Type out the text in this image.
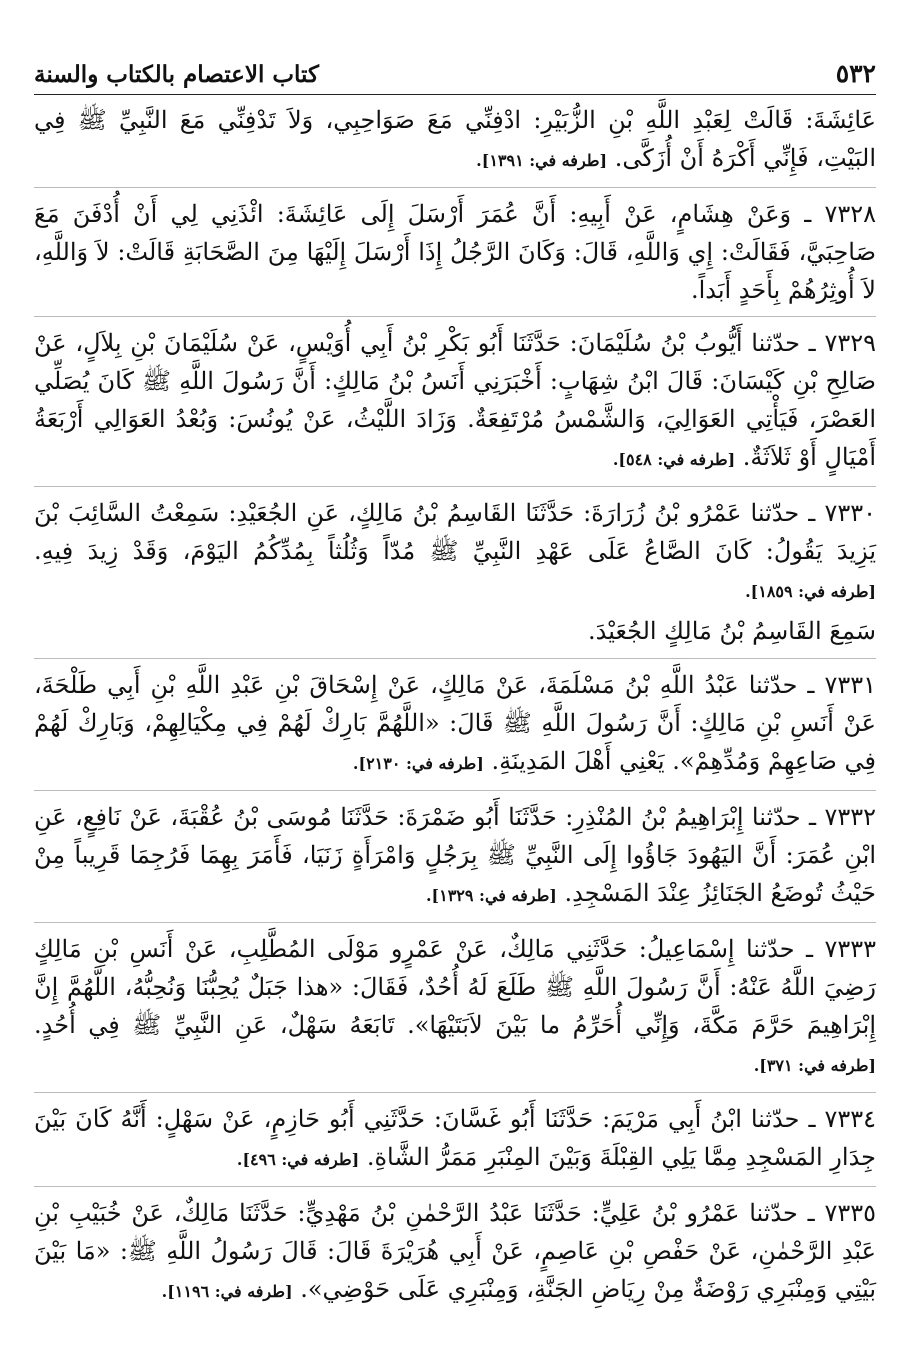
٥٣٢
كتاب الاعتصام بالكتاب والسنة

عَائِشَةَ: قَالَتْ لِعَبْدِ اللَّهِ بْنِ الزُّبَيْرِ: ادْفِنِّي مَعَ صَوَاحِبِي، وَلاَ تَدْفِنِّي مَعَ النَّبِيِّ ﷺ فِي البَيْتِ، فَإِنِّي أَكْرَهُ أَنْ أُزَكَّى. [طرفه في: ١٣٩١].

٧٣٢٨ ـ وَعَنْ هِشَامٍ، عَنْ أَبِيهِ: أَنَّ عُمَرَ أَرْسَلَ إِلَى عَائِشَةَ: ائْذَنِي لِي أَنْ أُدْفَنَ مَعَ صَاحِبَيَّ، فَقَالَتْ: إِي وَاللَّهِ، قَالَ: وَكَانَ الرَّجُلُ إِذَا أَرْسَلَ إِلَيْهَا مِنَ الصَّحَابَةِ قَالَتْ: لاَ وَاللَّهِ، لاَ أُوثِرُهُمْ بِأَحَدٍ أَبَداً.

٧٣٢٩ ـ حدّثنا أَيُّوبُ بْنُ سُلَيْمَانَ: حَدَّثَنَا أَبُو بَكْرِ بْنُ أَبِي أُوَيْسٍ، عَنْ سُلَيْمَانَ بْنِ بِلاَلٍ، عَنْ صَالِحِ بْنِ كَيْسَانَ: قَالَ ابْنُ شِهَابٍ: أَخْبَرَنِي أَنَسُ بْنُ مَالِكٍ: أَنَّ رَسُولَ اللَّهِ ﷺ كَانَ يُصَلِّي العَصْرَ، فَيَأْتِي العَوَالِيَ، وَالشَّمْسُ مُرْتَفِعَةٌ. وَزَادَ اللَّيْثُ، عَنْ يُونُسَ: وَبُعْدُ العَوَالِي أَرْبَعَةُ أَمْيَالٍ أَوْ ثَلاَثَةٌ. [طرفه في: ٥٤٨].

٧٣٣٠ ـ حدّثنا عَمْرُو بْنُ زُرَارَةَ: حَدَّثَنَا القَاسِمُ بْنُ مَالِكٍ، عَنِ الجُعَيْدِ: سَمِعْتُ السَّائِبَ بْنَ يَزِيدَ يَقُولُ: كَانَ الصَّاعُ عَلَى عَهْدِ النَّبِيِّ ﷺ مُدّاً وَثُلُثاً بِمُدِّكُمُ اليَوْمَ، وَقَدْ زِيدَ فِيهِ. [طرفه في: ١٨٥٩].

سَمِعَ القَاسِمُ بْنُ مَالِكٍ الجُعَيْدَ.

٧٣٣١ ـ حدّثنا عَبْدُ اللَّهِ بْنُ مَسْلَمَةَ، عَنْ مَالِكٍ، عَنْ إِسْحَاقَ بْنِ عَبْدِ اللَّهِ بْنِ أَبِي طَلْحَةَ، عَنْ أَنَسِ بْنِ مَالِكٍ: أَنَّ رَسُولَ اللَّهِ ﷺ قَالَ: «اللَّهُمَّ بَارِكْ لَهُمْ فِي مِكْيَالِهِمْ، وَبَارِكْ لَهُمْ فِي صَاعِهِمْ وَمُدِّهِمْ». يَعْنِي أَهْلَ المَدِينَةِ. [طرفه في: ٢١٣٠].

٧٣٣٢ ـ حدّثنا إِبْرَاهِيمُ بْنُ المُنْذِرِ: حَدَّثَنَا أَبُو ضَمْرَةَ: حَدَّثَنَا مُوسَى بْنُ عُقْبَةَ، عَنْ نَافِعٍ، عَنِ ابْنِ عُمَرَ: أَنَّ اليَهُودَ جَاؤُوا إِلَى النَّبِيِّ ﷺ بِرَجُلٍ وَامْرَأَةٍ زَنَيَا، فَأَمَرَ بِهِمَا فَرُجِمَا قَرِيباً مِنْ حَيْثُ تُوضَعُ الجَنَائِزُ عِنْدَ المَسْجِدِ. [طرفه في: ١٣٢٩].

٧٣٣٣ ـ حدّثنا إِسْمَاعِيلُ: حَدَّثَنِي مَالِكٌ، عَنْ عَمْرٍو مَوْلَى المُطَّلِبِ، عَنْ أَنَسِ بْنِ مَالِكٍ رَضِيَ اللَّهُ عَنْهُ: أَنَّ رَسُولَ اللَّهِ ﷺ طَلَعَ لَهُ أُحُدٌ، فَقَالَ: «هذا جَبَلٌ يُحِبُّنَا وَنُحِبُّهُ، اللَّهُمَّ إِنَّ إِبْرَاهِيمَ حَرَّمَ مَكَّةَ، وَإِنِّي أُحَرِّمُ ما بَيْنَ لاَبَتَيْهَا». تَابَعَهُ سَهْلٌ، عَنِ النَّبِيِّ ﷺ فِي أُحُدٍ. [طرفه في: ٣٧١].

٧٣٣٤ ـ حدّثنا ابْنُ أَبِي مَرْيَمَ: حَدَّثَنَا أَبُو غَسَّانَ: حَدَّثَنِي أَبُو حَازِمٍ، عَنْ سَهْلٍ: أَنَّهُ كَانَ بَيْنَ جِدَارِ المَسْجِدِ مِمَّا يَلِي القِبْلَةَ وَبَيْنَ المِنْبَرِ مَمَرُّ الشَّاةِ. [طرفه في: ٤٩٦].

٧٣٣٥ ـ حدّثنا عَمْرُو بْنُ عَلِيٍّ: حَدَّثَنَا عَبْدُ الرَّحْمٰنِ بْنُ مَهْدِيٍّ: حَدَّثَنَا مَالِكٌ، عَنْ خُبَيْبِ بْنِ عَبْدِ الرَّحْمٰنِ، عَنْ حَفْصِ بْنِ عَاصِمٍ، عَنْ أَبِي هُرَيْرَةَ قَالَ: قَالَ رَسُولُ اللَّهِ ﷺ: «مَا بَيْنَ بَيْتِي وَمِنْبَرِي رَوْضَةٌ مِنْ رِيَاضِ الجَنَّةِ، وَمِنْبَرِي عَلَى حَوْضِي». [طرفه في: ١١٩٦].
